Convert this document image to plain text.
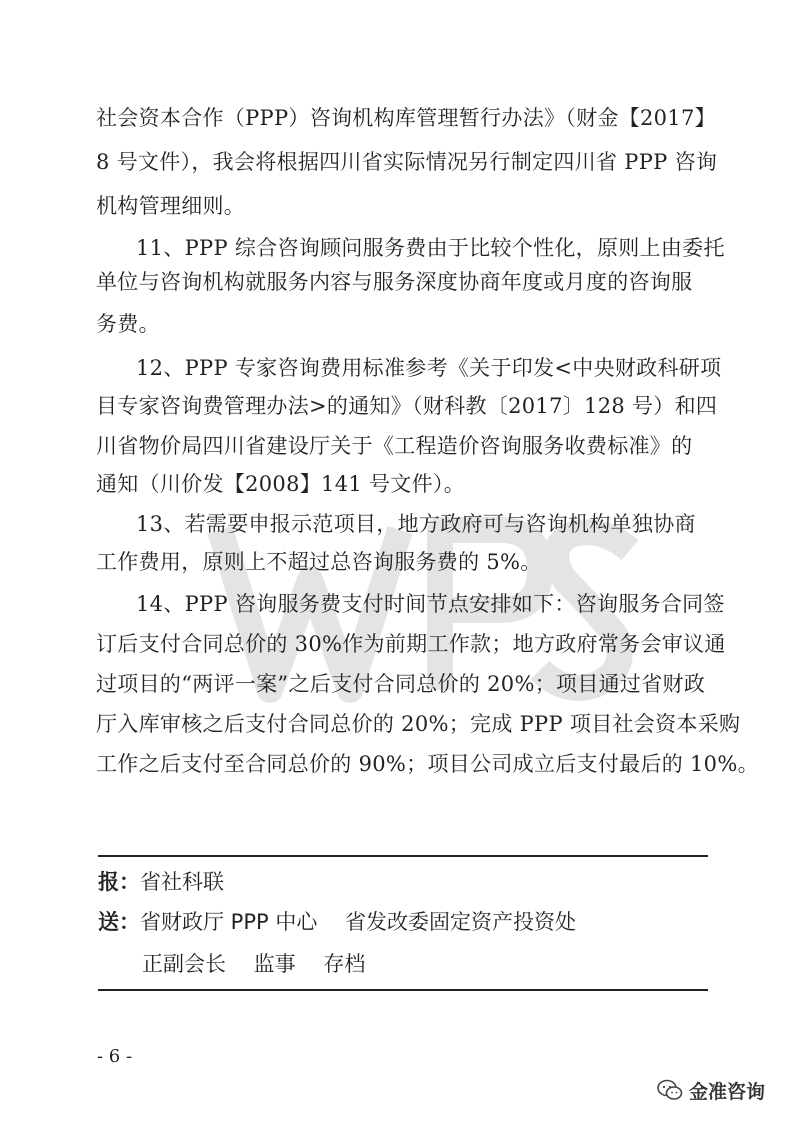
社会资本合作（PPP）咨询机构库管理暂行办法》（财金【2017】
8 号文件），我会将根据四川省实际情况另行制定四川省 PPP 咨询
机构管理细则。
11、PPP 综合咨询顾问服务费由于比较个性化，原则上由委托
单位与咨询机构就服务内容与服务深度协商年度或月度的咨询服
务费。
12、PPP 专家咨询费用标准参考《关于印发<中央财政科研项
目专家咨询费管理办法>的通知》（财科教〔2017〕128 号）和四
川省物价局四川省建设厅关于《工程造价咨询服务收费标准》的
通知（川价发【2008】141 号文件）。
13、若需要申报示范项目，地方政府可与咨询机构单独协商
工作费用，原则上不超过总咨询服务费的 5%。
14、PPP 咨询服务费支付时间节点安排如下：咨询服务合同签
订后支付合同总价的 30%作为前期工作款；地方政府常务会审议通
过项目的“两评一案”之后支付合同总价的 20%；项目通过省财政
厅入库审核之后支付合同总价的 20%；完成 PPP 项目社会资本采购
工作之后支付至合同总价的 90%；项目公司成立后支付最后的 10%。
报：省社科联
送：省财政厅 PPP 中心　 省发改委固定资产投资处
正副会长　 监事　 存档
- 6 -
金准咨询
